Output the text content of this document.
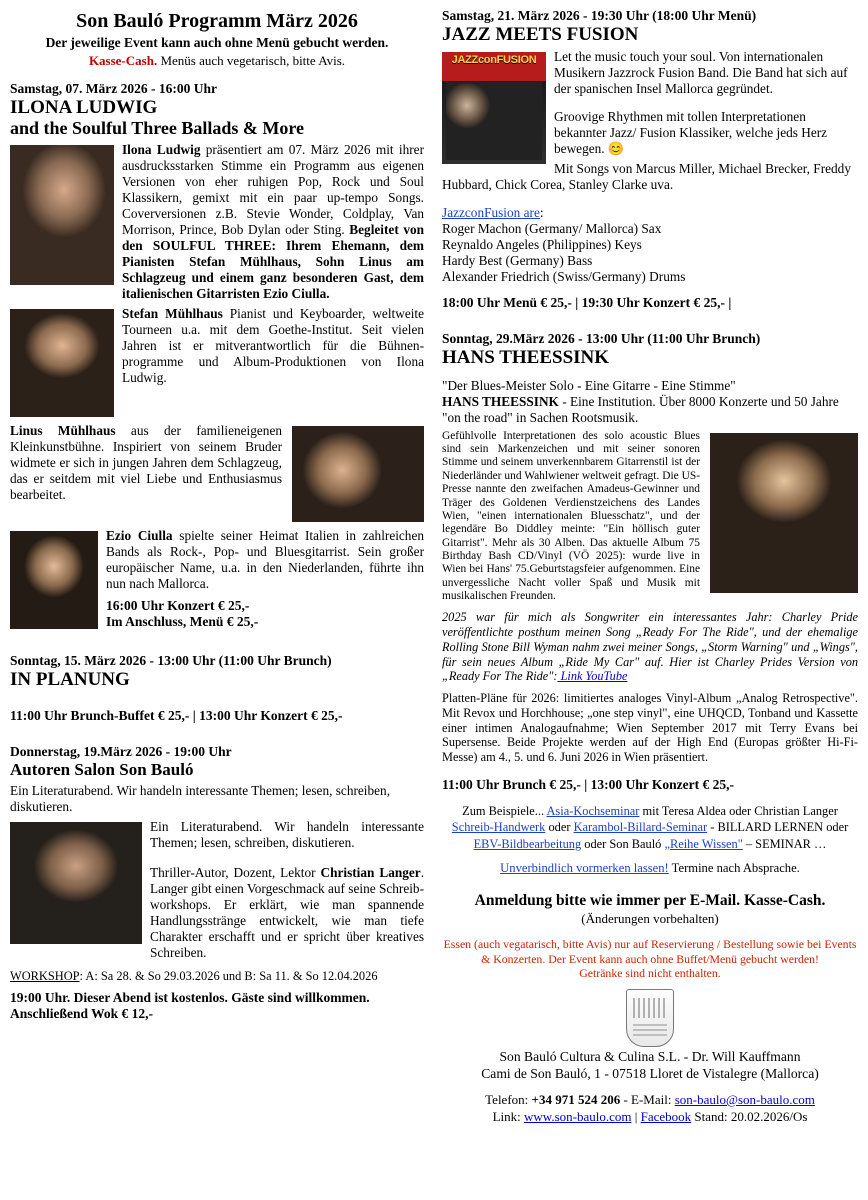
Son Bauló Programm März 2026
Der jeweilige Event kann auch ohne Menü gebucht werden.
Kasse-Cash. Menüs auch vegetarisch, bitte Avis.
Samstag, 07. März 2026 - 16:00 Uhr
ILONA LUDWIG
and the Soulful Three Ballads & More

Ilona Ludwig präsentiert am 07. März 2026 mit ihrer ausdrucksstarken Stimme ein Programm aus eigenen Versionen von eher ruhigen Pop, Rock und Soul Klassikern, gemixt mit ein paar up-tempo Songs. Coverversionen z.B. Stevie Wonder, Coldplay, Van Morrison, Prince, Bob Dylan oder Sting. Begleitet von den SOULFUL THREE: Ihrem Ehemann, dem Pianisten Stefan Mühlhaus, Sohn Linus am Schlagzeug und einem ganz besonderen Gast, dem italienischen Gitarristen Ezio Ciulla.

Stefan Mühlhaus Pianist und Keyboarder, weltweite Tourneen u.a. mit dem Goethe-Institut. Seit vielen Jahren ist er mitverantwortlich für die Bühnen-programme und Album-Produktionen von Ilona Ludwig.

Linus Mühlhaus aus der familieneigenen Kleinkunstbühne. Inspiriert von seinem Bruder widmete er sich in jungen Jahren dem Schlagzeug, das er seitdem mit viel Liebe und Enthusiasmus bearbeitet.

Ezio Ciulla spielte seiner Heimat Italien in zahlreichen Bands als Rock-, Pop- und Bluesgitarrist. Sein großer europäischer Name, u.a. in den Niederlanden, führte ihn nun nach Mallorca.

16:00 Uhr Konzert € 25,-

Im Anschluss, Menü € 25,-

Sonntag, 15. März 2026 - 13:00 Uhr (11:00 Uhr Brunch)
IN PLANUNG

11:00 Uhr Brunch-Buffet € 25,- | 13:00 Uhr Konzert € 25,-

Donnerstag, 19.März 2026 - 19:00 Uhr
Autoren Salon Son Bauló

Ein Literaturabend. Wir handeln interessante Themen; lesen, schreiben, diskutieren.

Ein Literaturabend. Wir handeln interessante Themen; lesen, schreiben, diskutieren.

Thriller-Autor, Dozent, Lektor Christian Langer. Langer gibt einen Vorgeschmack auf seine Schreib-workshops. Er erklärt, wie man spannende Handlungsstränge entwickelt, wie man tiefe Charakter erschafft und er spricht über kreatives Schreiben.

WORKSHOP: A: Sa 28. & So 29.03.2026 und B: Sa 11. & So 12.04.2026

19:00 Uhr. Dieser Abend ist kostenlos. Gäste sind willkommen.

Anschließend Wok € 12,-

Samstag, 21. März 2026 - 19:30 Uhr (18:00 Uhr Menü)
JAZZ MEETS FUSION
JAZZconFUSION	Let the music touch your soul. Von internationalen Musikern Jazzrock Fusion Band. Die Band hat sich auf der spanischen Insel Mallorca gegründet.

Groovige Rhythmen mit tollen Interpretationen bekannter Jazz/ Fusion Klassiker, welche jeds Herz bewegen. 😊

Mit Songs von Marcus Miller, Michael Brecker, Freddy Hubbard, Chick Corea, Stanley Clarke uva.

JazzconFusion are:

Roger Machon (Germany/ Mallorca) Sax

Reynaldo Angeles (Philippines) Keys

Hardy Best (Germany) Bass

Alexander Friedrich (Swiss/Germany) Drums

18:00 Uhr Menü € 25,- | 19:30 Uhr Konzert € 25,- |

Sonntag, 29.März 2026 - 13:00 Uhr (11:00 Uhr Brunch)
HANS THEESSINK

"Der Blues-Meister Solo - Eine Gitarre - Eine Stimme"

HANS THEESSINK - Eine Institution. Über 8000 Konzerte und 50 Jahre "on the road" in Sachen Rootsmusik.

Gefühlvolle Interpretationen des solo acoustic Blues sind sein Markenzeichen und mit seiner sonoren Stimme und seinem unverkennbarem Gitarrenstil ist der Niederländer und Wahlwiener weltweit gefragt. Die US-Presse nannte den zweifachen Amadeus-Gewinner und Träger des Goldenen Verdienstzeichens des Landes Wien, "einen internationalen Bluesschatz", und der legendäre Bo Diddley meinte: "Ein höllisch guter Gitarrist". Mehr als 30 Alben. Das aktuelle Album 75 Birthday Bash CD/Vinyl (VÖ 2025): wurde live in Wien bei Hans' 75.Geburtstagsfeier aufgenommen. Eine unvergessliche Nacht voller Spaß und Musik mit musikalischen Freunden.

2025 war für mich als Songwriter ein interessantes Jahr: Charley Pride veröffentlichte posthum meinen Song „Ready For The Ride", und der ehemalige Rolling Stone Bill Wyman nahm zwei meiner Songs, „Storm Warning" und „Wings", für sein neues Album „Ride My Car" auf. Hier ist Charley Prides Version von „Ready For The Ride": Link YouTube

Platten-Pläne für 2026: limitiertes analoges Vinyl-Album „Analog Retrospective". Mit Revox und Horchhouse; „one step vinyl", eine UHQCD, Tonband und Kassette einer intimen Analogaufnahme; Wien September 2017 mit Terry Evans bei Supersense. Beide Projekte werden auf der High End (Europas größter Hi-Fi-Messe) am 4., 5. und 6. Juni 2026 in Wien präsentiert.

11:00 Uhr Brunch € 25,- | 13:00 Uhr Konzert € 25,-

Zum Beispiele... Asia-Kochseminar mit Teresa Aldea oder Christian Langer
Schreib-Handwerk oder Karambol-Billard-Seminar - BILLARD LERNEN oder
EBV-Bildbearbeitung oder Son Bauló „Reihe Wissen" – SEMINAR …

Unverbindlich vormerken lassen! Termine nach Absprache.

Anmeldung bitte wie immer per E-Mail. Kasse-Cash.

(Änderungen vorbehalten)

Essen (auch vegatarisch, bitte Avis) nur auf Reservierung / Bestellung sowie bei Events & Konzerten. Der Event kann auch ohne Buffet/Menü gebucht werden!
Getränke sind nicht enthalten.

Son Bauló Cultura & Culina S.L. - Dr. Will Kauffmann

Cami de Son Bauló, 1 - 07518 Lloret de Vistalegre (Mallorca)

Telefon: +34 971 524 206 - E-Mail: son-baulo@son-baulo.com

Link: www.son-baulo.com | Facebook Stand: 20.02.2026/Os
